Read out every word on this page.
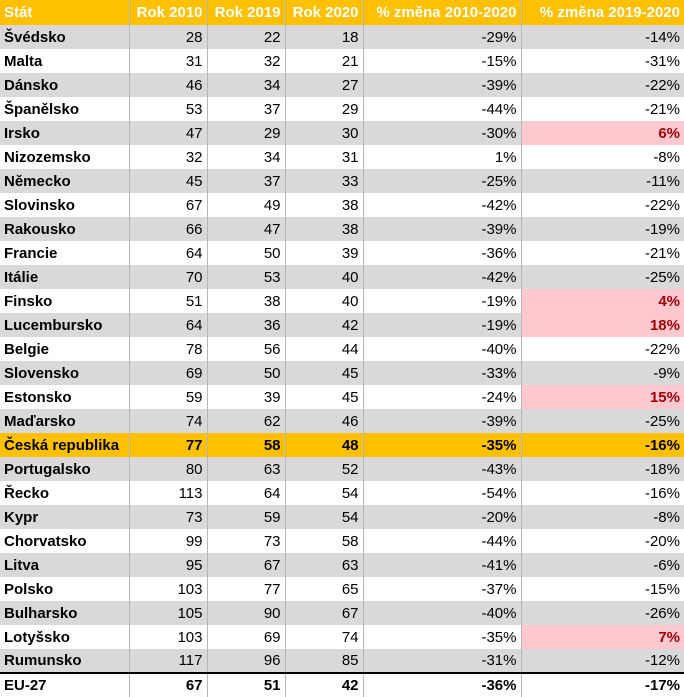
Stát	Rok 2010	Rok 2019	Rok 2020	% změna 2010-2020	% změna 2019-2020
Švédsko	28	22	18	-29%	-14%
Malta	31	32	21	-15%	-31%
Dánsko	46	34	27	-39%	-22%
Španělsko	53	37	29	-44%	-21%
Irsko	47	29	30	-30%	6%
Nizozemsko	32	34	31	1%	-8%
Německo	45	37	33	-25%	-11%
Slovinsko	67	49	38	-42%	-22%
Rakousko	66	47	38	-39%	-19%
Francie	64	50	39	-36%	-21%
Itálie	70	53	40	-42%	-25%
Finsko	51	38	40	-19%	4%
Lucembursko	64	36	42	-19%	18%
Belgie	78	56	44	-40%	-22%
Slovensko	69	50	45	-33%	-9%
Estonsko	59	39	45	-24%	15%
Maďarsko	74	62	46	-39%	-25%
Česká republika	77	58	48	-35%	-16%
Portugalsko	80	63	52	-43%	-18%
Řecko	113	64	54	-54%	-16%
Kypr	73	59	54	-20%	-8%
Chorvatsko	99	73	58	-44%	-20%
Litva	95	67	63	-41%	-6%
Polsko	103	77	65	-37%	-15%
Bulharsko	105	90	67	-40%	-26%
Lotyšsko	103	69	74	-35%	7%
Rumunsko	117	96	85	-31%	-12%
EU-27	67	51	42	-36%	-17%
